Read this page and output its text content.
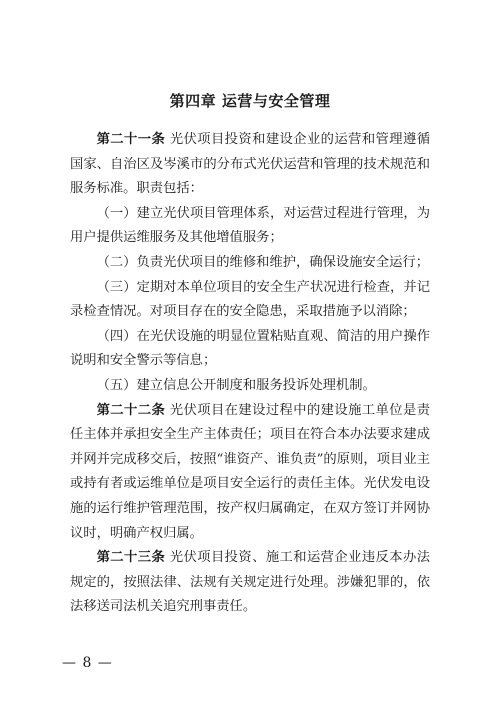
第四章 运营与安全管理

第二十一条 光伏项目投资和建设企业的运营和管理遵循国家、自治区及岑溪市的分布式光伏运营和管理的技术规范和服务标准。职责包括：

（一）建立光伏项目管理体系，对运营过程进行管理，为用户提供运维服务及其他增值服务；

（二）负责光伏项目的维修和维护，确保设施安全运行；

（三）定期对本单位项目的安全生产状况进行检查，并记录检查情况。对项目存在的安全隐患，采取措施予以消除；

（四）在光伏设施的明显位置粘贴直观、简洁的用户操作说明和安全警示等信息；

（五）建立信息公开制度和服务投诉处理机制。

第二十二条 光伏项目在建设过程中的建设施工单位是责任主体并承担安全生产主体责任；项目在符合本办法要求建成并网并完成移交后，按照“谁资产、谁负责”的原则，项目业主或持有者或运维单位是项目安全运行的责任主体。光伏发电设施的运行维护管理范围，按产权归属确定，在双方签订并网协议时，明确产权归属。

第二十三条 光伏项目投资、施工和运营企业违反本办法规定的，按照法律、法规有关规定进行处理。涉嫌犯罪的，依法移送司法机关追究刑事责任。

— 8 —
